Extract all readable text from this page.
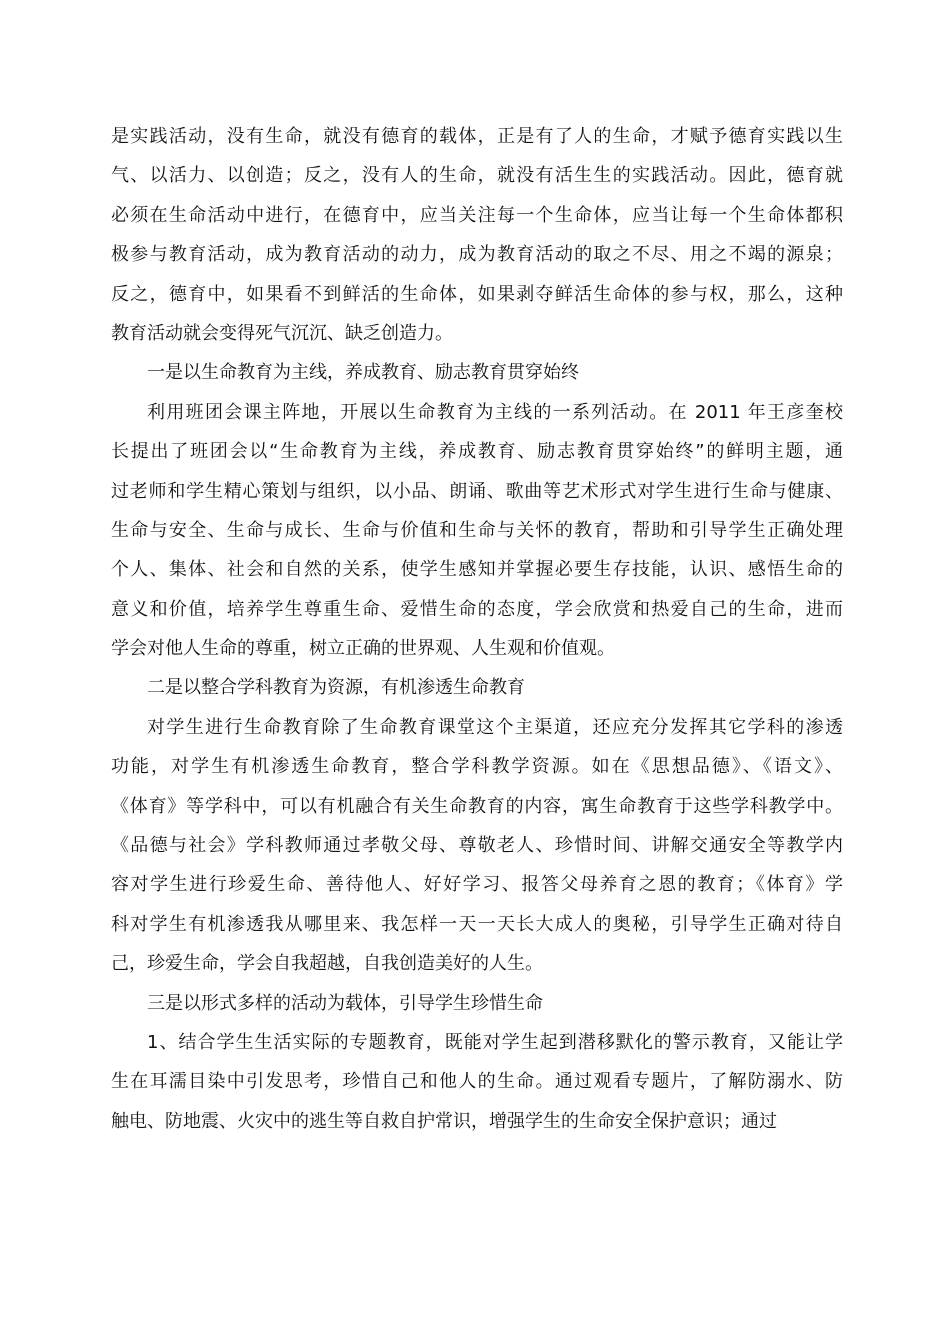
是实践活动，没有生命，就没有德育的载体，正是有了人的生命，才赋予德育实践以生
气、以活力、以创造；反之，没有人的生命，就没有活生生的实践活动。因此，德育就
必须在生命活动中进行，在德育中，应当关注每一个生命体，应当让每一个生命体都积
极参与教育活动，成为教育活动的动力，成为教育活动的取之不尽、用之不竭的源泉；
反之，德育中，如果看不到鲜活的生命体，如果剥夺鲜活生命体的参与权，那么，这种
教育活动就会变得死气沉沉、缺乏创造力。
一是以生命教育为主线，养成教育、励志教育贯穿始终
利用班团会课主阵地，开展以生命教育为主线的一系列活动。在 2011 年王彦奎校
长提出了班团会以“生命教育为主线，养成教育、励志教育贯穿始终”的鲜明主题，通
过老师和学生精心策划与组织，以小品、朗诵、歌曲等艺术形式对学生进行生命与健康、
生命与安全、生命与成长、生命与价值和生命与关怀的教育，帮助和引导学生正确处理
个人、集体、社会和自然的关系，使学生感知并掌握必要生存技能，认识、感悟生命的
意义和价值，培养学生尊重生命、爱惜生命的态度，学会欣赏和热爱自己的生命，进而
学会对他人生命的尊重，树立正确的世界观、人生观和价值观。
二是以整合学科教育为资源，有机渗透生命教育
对学生进行生命教育除了生命教育课堂这个主渠道，还应充分发挥其它学科的渗透
功能，对学生有机渗透生命教育，整合学科教学资源。如在《思想品德》、《语文》、
《体育》等学科中，可以有机融合有关生命教育的内容，寓生命教育于这些学科教学中。
《品德与社会》学科教师通过孝敬父母、尊敬老人、珍惜时间、讲解交通安全等教学内
容对学生进行珍爱生命、善待他人、好好学习、报答父母养育之恩的教育；《体育》学
科对学生有机渗透我从哪里来、我怎样一天一天长大成人的奥秘，引导学生正确对待自
己，珍爱生命，学会自我超越，自我创造美好的人生。
三是以形式多样的活动为载体，引导学生珍惜生命
1、结合学生生活实际的专题教育，既能对学生起到潜移默化的警示教育，又能让学
生在耳濡目染中引发思考，珍惜自己和他人的生命。通过观看专题片，了解防溺水、防
触电、防地震、火灾中的逃生等自救自护常识，增强学生的生命安全保护意识；通过
